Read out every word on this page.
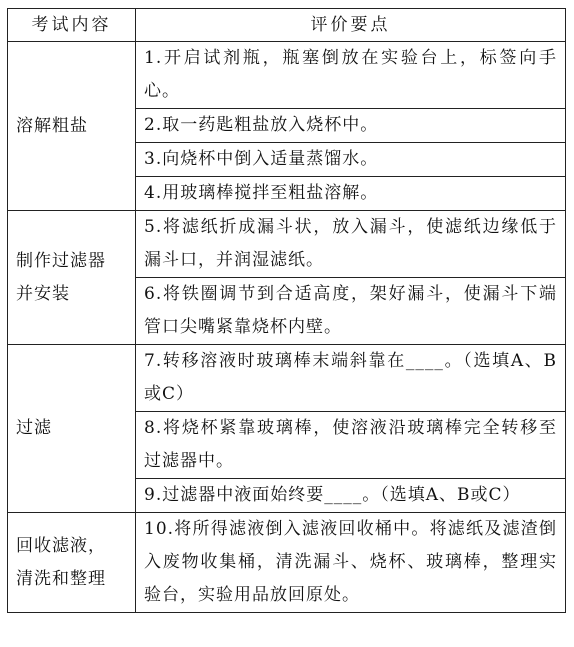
考试内容	评价要点
溶解粗盐	1.开启试剂瓶，瓶塞倒放在实验台上，标签向手心。
	2.取一药匙粗盐放入烧杯中。
	3.向烧杯中倒入适量蒸馏水。
	4.用玻璃棒搅拌至粗盐溶解。

制作过滤器
并安装	5.将滤纸折成漏斗状，放入漏斗，使滤纸边缘低于漏斗口，并润湿滤纸。
	6.将铁圈调节到合适高度，架好漏斗，使漏斗下端管口尖嘴紧靠烧杯内壁。
过滤	7.转移溶液时玻璃棒末端斜靠在____。（选填A、B或C）
	8.将烧杯紧靠玻璃棒，使溶液沿玻璃棒完全转移至过滤器中。
	9.过滤器中液面始终要____。（选填A、B或C）

回收滤液，
清洗和整理	10.将所得滤液倒入滤液回收桶中。将滤纸及滤渣倒入废物收集桶，清洗漏斗、烧杯、玻璃棒，整理实验台，实验用品放回原处。
